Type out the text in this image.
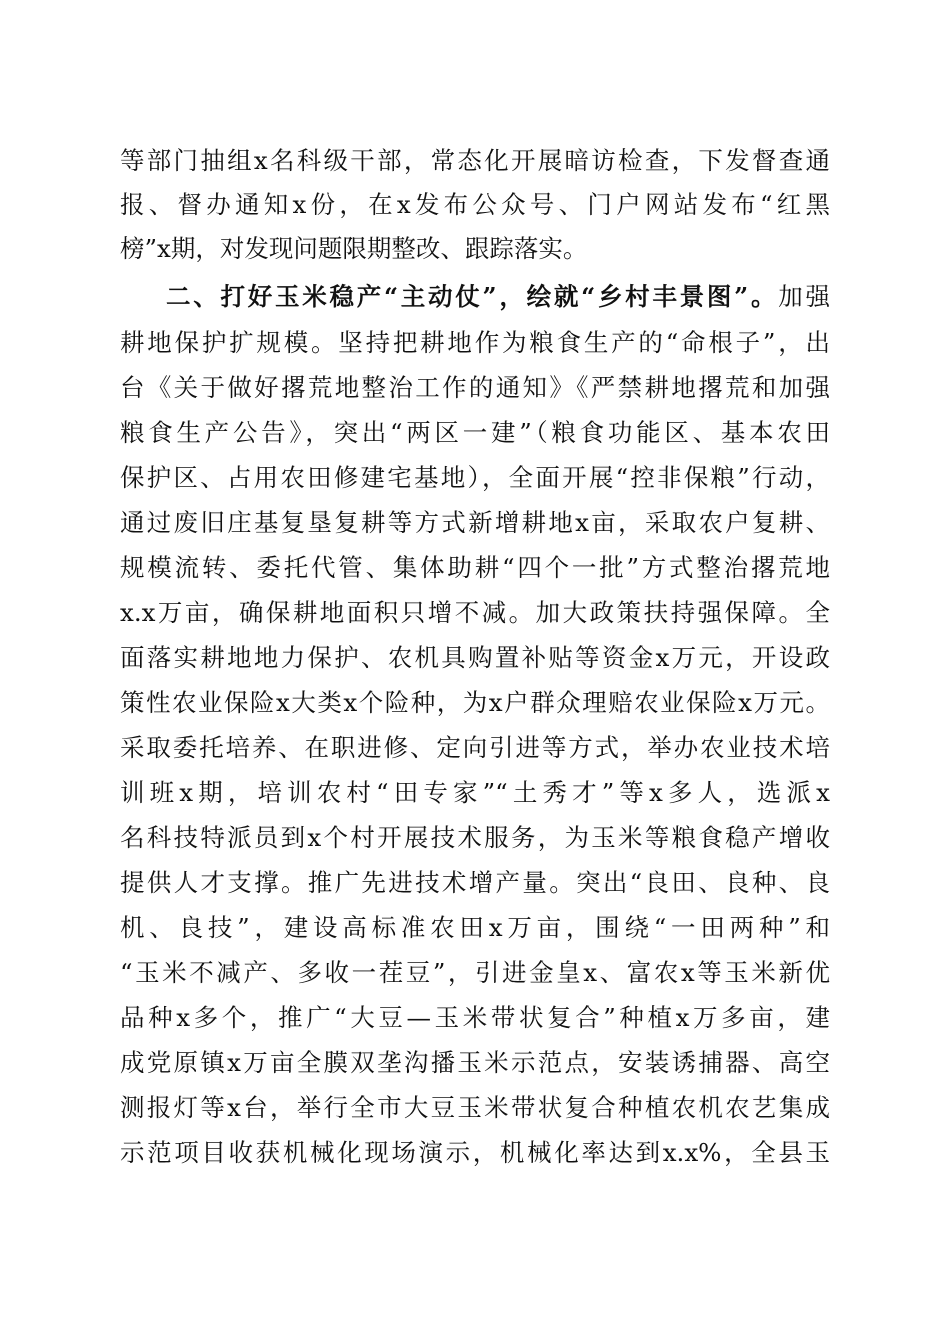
等部门抽组x名科级干部，常态化开展暗访检查，下发督查通
报、督办通知x份，在x发布公众号、门户网站发布“红黑
榜”x期，对发现问题限期整改、跟踪落实。
二、打好玉米稳产“主动仗”，绘就“乡村丰景图”。加强
耕地保护扩规模。坚持把耕地作为粮食生产的“命根子”，出
台《关于做好撂荒地整治工作的通知》《严禁耕地撂荒和加强
粮食生产公告》，突出“两区一建”（粮食功能区、基本农田
保护区、占用农田修建宅基地），全面开展“控非保粮”行动，
通过废旧庄基复垦复耕等方式新增耕地x亩，采取农户复耕、
规模流转、委托代管、集体助耕“四个一批”方式整治撂荒地
x.x万亩，确保耕地面积只增不减。加大政策扶持强保障。全
面落实耕地地力保护、农机具购置补贴等资金x万元，开设政
策性农业保险x大类x个险种，为x户群众理赔农业保险x万元。
采取委托培养、在职进修、定向引进等方式，举办农业技术培
训班x期，培训农村“田专家”“土秀才”等x多人，选派x
名科技特派员到x个村开展技术服务，为玉米等粮食稳产增收
提供人才支撑。推广先进技术增产量。突出“良田、良种、良
机、良技”，建设高标准农田x万亩，围绕“一田两种”和
“玉米不减产、多收一茬豆”，引进金皇x、富农x等玉米新优
品种x多个，推广“大豆—玉米带状复合”种植x万多亩，建
成党原镇x万亩全膜双垄沟播玉米示范点，安装诱捕器、高空
测报灯等x台，举行全市大豆玉米带状复合种植农机农艺集成
示范项目收获机械化现场演示，机械化率达到x.x%，全县玉
